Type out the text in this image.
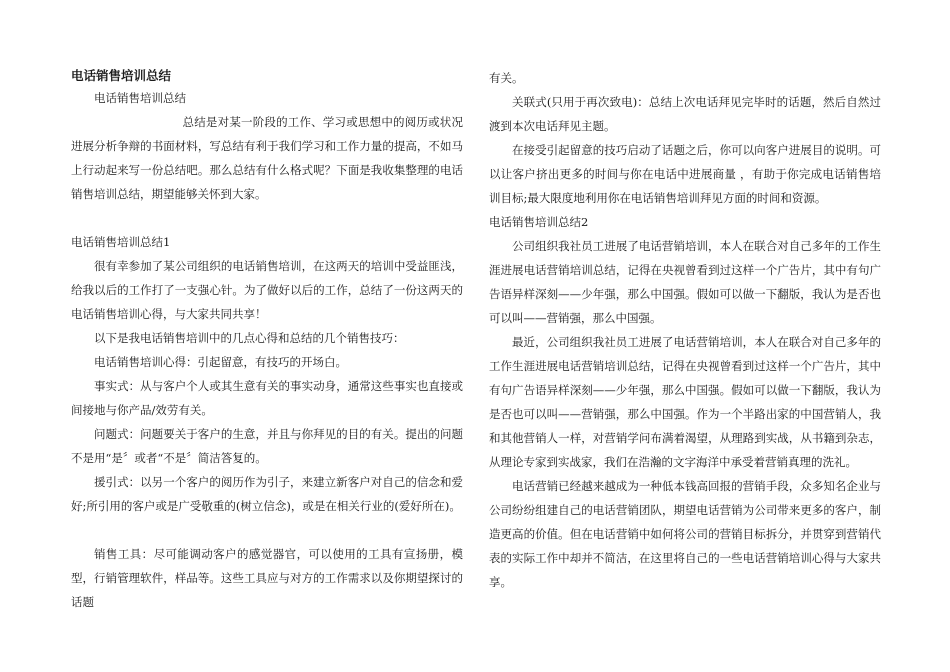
电话销售培训总结

电话销售培训总结

总结是对某一阶段的工作、学习或思想中的阅历或状况进展分析争辩的书面材料，写总结有利于我们学习和工作力量的提高，不如马上行动起来写一份总结吧。那么总结有什么格式呢？下面是我收集整理的电话销售培训总结，期望能够关怀到大家。

电话销售培训总结1

很有幸参加了某公司组织的电话销售培训，在这两天的培训中受益匪浅，给我以后的工作打了一支强心针。为了做好以后的工作，总结了一份这两天的电话销售培训心得，与大家共同共享！

以下是我电话销售培训中的几点心得和总结的几个销售技巧：

电话销售培训心得：引起留意，有技巧的开场白。

事实式：从与客户个人或其生意有关的事实动身，通常这些事实也直接或间接地与你产品/效劳有关。

问题式：问题要关于客户的生意，并且与你拜见的目的有关。提出的问题不是用“是〞或者“不是〞简洁答复的。

援引式：以另一个客户的阅历作为引子，来建立新客户对自己的信念和爱好;所引用的客户或是广受敬重的(树立信念)，或是在相关行业的(爱好所在)。

销售工具：尽可能调动客户的感觉器官，可以使用的工具有宣扬册，模型，行销管理软件，样品等。这些工具应与对方的工作需求以及你期望探讨的话题

有关。

关联式(只用于再次致电)：总结上次电话拜见完毕时的话题，然后自然过渡到本次电话拜见主题。

在接受引起留意的技巧启动了话题之后，你可以向客户进展目的说明。可以让客户挤出更多的时间与你在电话中进展商量 ，有助于你完成电话销售培训目标;最大限度地利用你在电话销售培训拜见方面的时间和资源。

电话销售培训总结2

公司组织我社员工进展了电话营销培训，本人在联合对自己多年的工作生涯进展电话营销培训总结，记得在央视曾看到过这样一个广告片，其中有句广告语异样深刻——少年强，那么中国强。假如可以做一下翻版，我认为是否也可以叫——营销强，那么中国强。

最近，公司组织我社员工进展了电话营销培训，本人在联合对自己多年的工作生涯进展电话营销培训总结，记得在央视曾看到过这样一个广告片，其中有句广告语异样深刻——少年强，那么中国强。假如可以做一下翻版，我认为是否也可以叫——营销强，那么中国强。作为一个半路出家的中国营销人，我和其他营销人一样，对营销学问布满着渴望，从理路到实战，从书籍到杂志，从理论专家到实战家，我们在浩瀚的文字海洋中承受着营销真理的洗礼。

电话营销已经越来越成为一种低本钱高回报的营销手段，众多知名企业与公司纷纷组建自己的电话营销团队，期望电话营销为公司带来更多的客户，制造更高的价值。但在电话营销中如何将公司的营销目标拆分，并贯穿到营销代表的实际工作中却并不简洁，在这里将自己的一些电话营销培训心得与大家共享。
